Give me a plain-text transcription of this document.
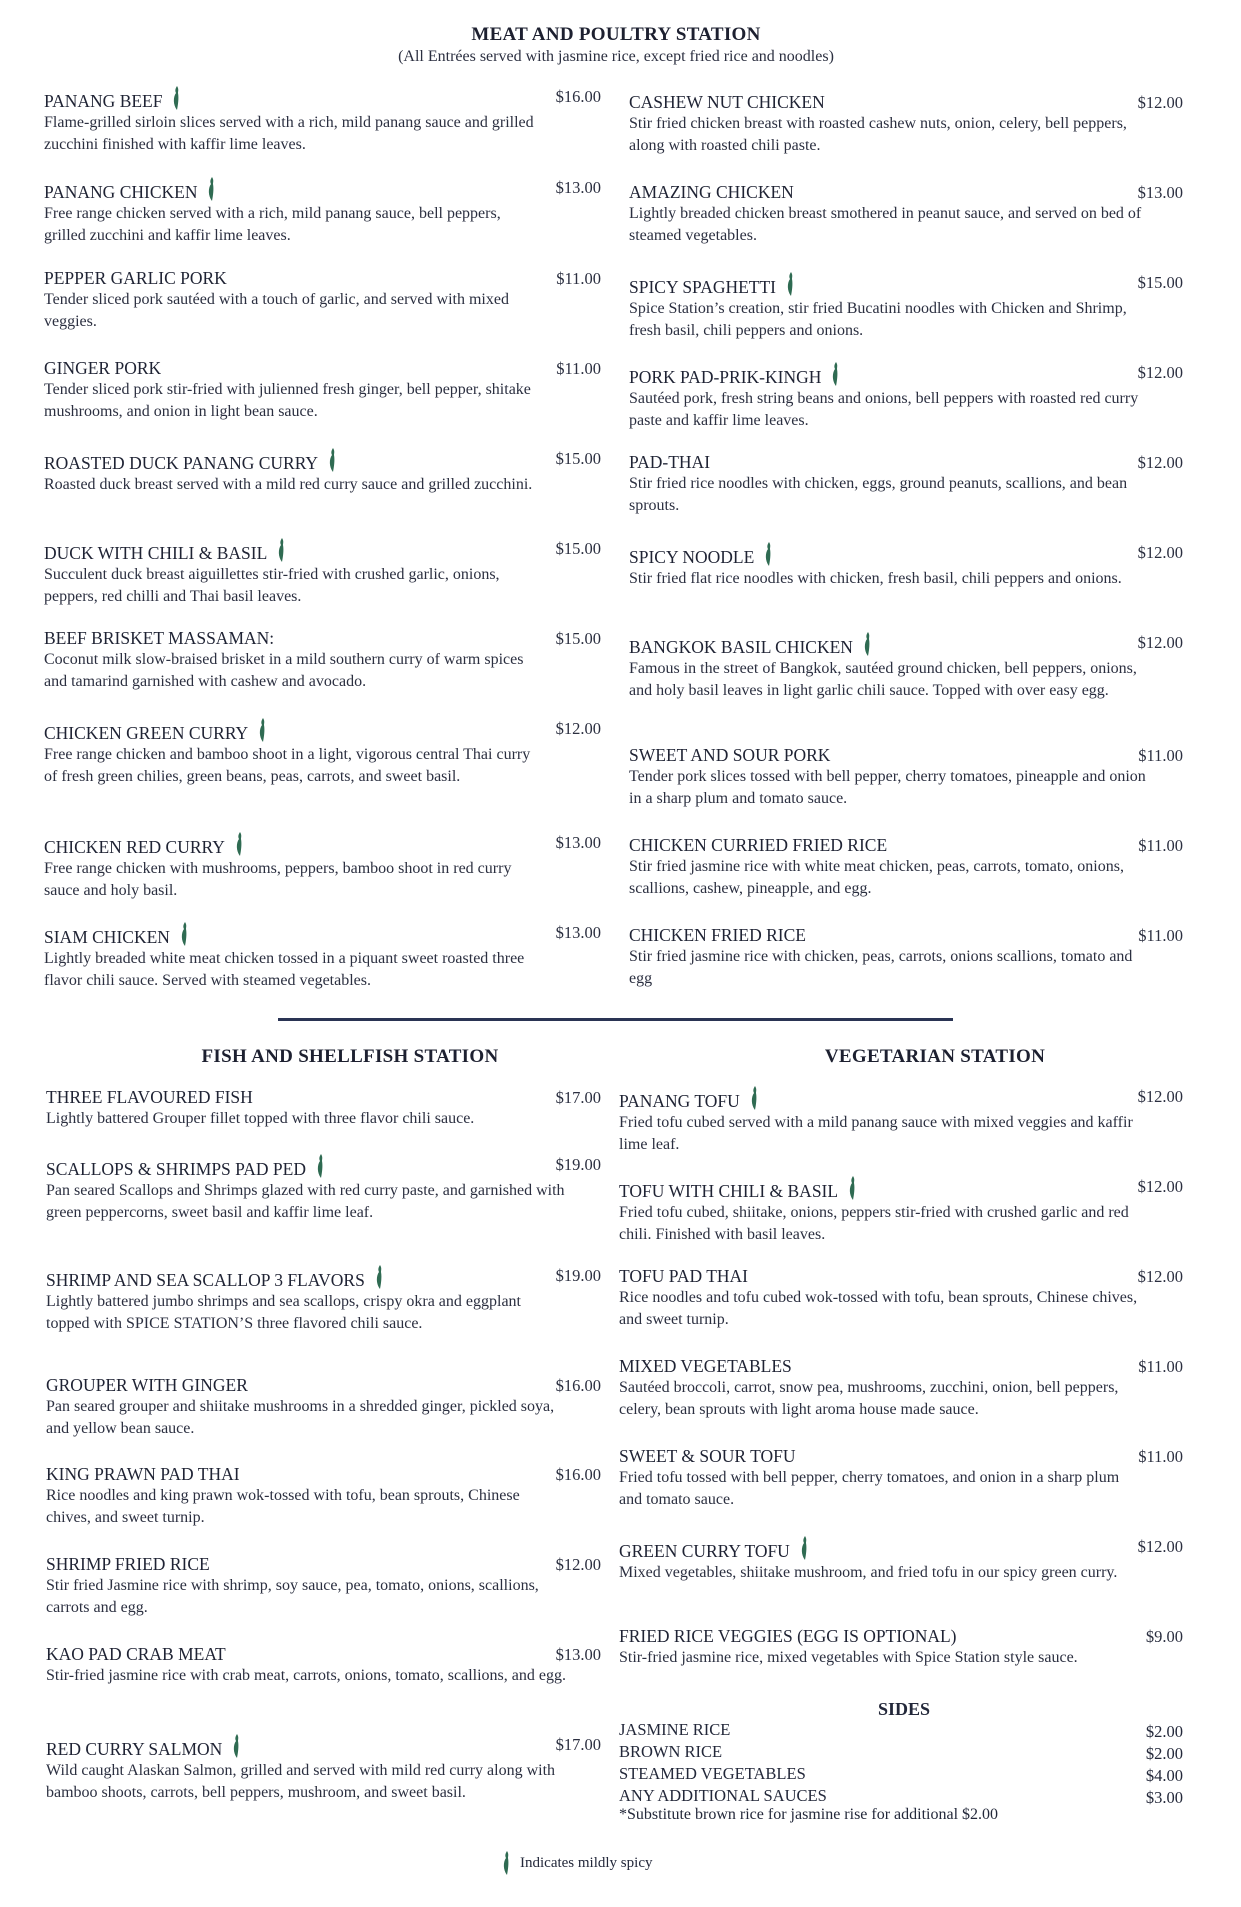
MEAT AND POULTRY STATION
(All Entrées served with jasmine rice, except fried rice and noodles)
PANANG BEEF
Flame-grilled sirloin slices served with a rich, mild panang sauce and grilled zucchini finished with kaffir lime leaves.
$16.00
PANANG CHICKEN
Free range chicken served with a rich, mild panang sauce, bell peppers, grilled zucchini and kaffir lime leaves.
$13.00
PEPPER GARLIC PORK
Tender sliced pork sautéed with a touch of garlic, and served with mixed veggies.
$11.00
GINGER PORK
Tender sliced pork stir-fried with julienned fresh ginger, bell pepper, shitake mushrooms, and onion in light bean sauce.
$11.00
ROASTED DUCK PANANG CURRY
Roasted duck breast served with a mild red curry sauce and grilled zucchini.
$15.00
DUCK WITH CHILI & BASIL
Succulent duck breast aiguillettes stir-fried with crushed garlic, onions, peppers, red chilli and Thai basil leaves.
$15.00
BEEF BRISKET MASSAMAN:
Coconut milk slow-braised brisket in a mild southern curry of warm spices and tamarind garnished with cashew and avocado.
$15.00
CHICKEN GREEN CURRY
Free range chicken and bamboo shoot in a light, vigorous central Thai curry of fresh green chilies, green beans, peas, carrots, and sweet basil.
$12.00
CHICKEN RED CURRY
Free range chicken with mushrooms, peppers, bamboo shoot in red curry sauce and holy basil.
$13.00
SIAM CHICKEN
Lightly breaded white meat chicken tossed in a piquant sweet roasted three flavor chili sauce. Served with steamed vegetables.
$13.00
CASHEW NUT CHICKEN
Stir fried chicken breast with roasted cashew nuts, onion, celery, bell peppers, along with roasted chili paste.
$12.00
AMAZING CHICKEN
Lightly breaded chicken breast smothered in peanut sauce, and served on bed of steamed vegetables.
$13.00
SPICY SPAGHETTI
Spice Station’s creation, stir fried Bucatini noodles with Chicken and Shrimp, fresh basil, chili peppers and onions.
$15.00
PORK PAD-PRIK-KINGH
Sautéed pork, fresh string beans and onions, bell peppers with roasted red curry paste and kaffir lime leaves.
$12.00
PAD-THAI
Stir fried rice noodles with chicken, eggs, ground peanuts, scallions, and bean sprouts.
$12.00
SPICY NOODLE
Stir fried flat rice noodles with chicken, fresh basil, chili peppers and onions.
$12.00
BANGKOK BASIL CHICKEN
Famous in the street of Bangkok, sautéed ground chicken, bell peppers, onions, and holy basil leaves in light garlic chili sauce. Topped with over easy egg.
$12.00
SWEET AND SOUR PORK
Tender pork slices tossed with bell pepper, cherry tomatoes, pineapple and onion in a sharp plum and tomato sauce.
$11.00
CHICKEN CURRIED FRIED RICE
Stir fried jasmine rice with white meat chicken, peas, carrots, tomato, onions, scallions, cashew, pineapple, and egg.
$11.00
CHICKEN FRIED RICE
Stir fried jasmine rice with chicken, peas, carrots, onions scallions, tomato and egg
$11.00
FISH AND SHELLFISH STATION	VEGETARIAN STATION
THREE FLAVOURED FISH
Lightly battered Grouper fillet topped with three flavor chili sauce.
$17.00
SCALLOPS & SHRIMPS PAD PED
Pan seared Scallops and Shrimps glazed with red curry paste, and garnished with green peppercorns, sweet basil and kaffir lime leaf.
$19.00
SHRIMP AND SEA SCALLOP 3 FLAVORS
Lightly battered jumbo shrimps and sea scallops, crispy okra and eggplant topped with SPICE STATION’S three flavored chili sauce.
$19.00
GROUPER WITH GINGER
Pan seared grouper and shiitake mushrooms in a shredded ginger, pickled soya, and yellow bean sauce.
$16.00
KING PRAWN PAD THAI
Rice noodles and king prawn wok-tossed with tofu, bean sprouts, Chinese chives, and sweet turnip.
$16.00
SHRIMP FRIED RICE
Stir fried Jasmine rice with shrimp, soy sauce, pea, tomato, onions, scallions, carrots and egg.
$12.00
KAO PAD CRAB MEAT
Stir-fried jasmine rice with crab meat, carrots, onions, tomato, scallions, and egg.
$13.00
RED CURRY SALMON
Wild caught Alaskan Salmon, grilled and served with mild red curry along with bamboo shoots, carrots, bell peppers, mushroom, and sweet basil.
$17.00
PANANG TOFU
Fried tofu cubed served with a mild panang sauce with mixed veggies and kaffir lime leaf.
$12.00
TOFU WITH CHILI & BASIL
Fried tofu cubed, shiitake, onions, peppers stir-fried with crushed garlic and red chili. Finished with basil leaves.
$12.00
TOFU PAD THAI
Rice noodles and tofu cubed wok-tossed with tofu, bean sprouts, Chinese chives, and sweet turnip.
$12.00
MIXED VEGETABLES
Sautéed broccoli, carrot, snow pea, mushrooms, zucchini, onion, bell peppers, celery, bean sprouts with light aroma house made sauce.
$11.00
SWEET & SOUR TOFU
Fried tofu tossed with bell pepper, cherry tomatoes, and onion in a sharp plum and tomato sauce.
$11.00
GREEN CURRY TOFU
Mixed vegetables, shiitake mushroom, and fried tofu in our spicy green curry.
$12.00
FRIED RICE VEGGIES (EGG IS OPTIONAL)
Stir-fried jasmine rice, mixed vegetables with Spice Station style sauce.
$9.00
SIDES
JASMINE RICE	$2.00
BROWN RICE	$2.00
STEAMED VEGETABLES	$4.00
ANY ADDITIONAL SAUCES	$3.00
*Substitute brown rice for jasmine rise for additional $2.00
Indicates mildly spicy
